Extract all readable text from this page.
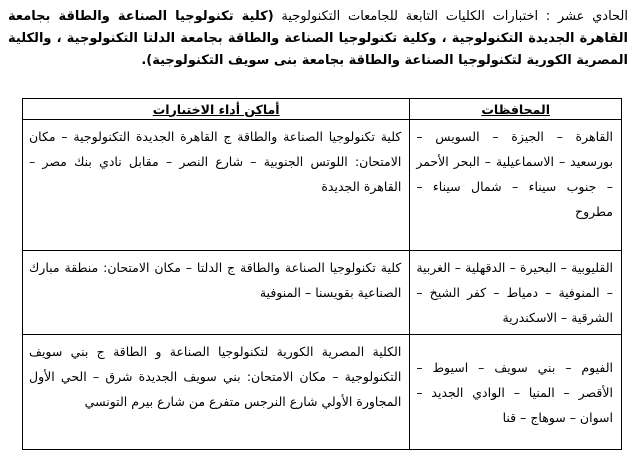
الحادي عشر : اختبارات الكليات التابعة للجامعات التكنولوجية (كلية تكنولوجيا الصناعة والطاقة بجامعة القاهرة الجديدة التكنولوجية ، وكلية تكنولوجيا الصناعة والطاقة بجامعة الدلتا التكنولوجية ، والكلية المصرية الكورية لتكنولوجيا الصناعة والطاقة بجامعة بنى سويف التكنولوجية).

المحافظات	أماكن أداء الاختبارات
القاهرة – الجيزة – السويس – بورسعيد – الاسماعيلية – البحر الأحمر – جنوب سيناء – شمال سيناء – مطروح	كلية تكنولوجيا الصناعة والطاقة ج القاهرة الجديدة التكنولوجية – مكان الامتحان: اللوتس الجنوبية – شارع النصر – مقابل نادي بنك مصر – القاهرة الجديدة
القليوبية – البحيرة – الدقهلية – الغربية – المنوفية – دمياط – كفر الشيخ – الشرقية – الاسكندرية	كلية تكنولوجيا الصناعة والطاقة ج الدلتا – مكان الامتحان: منطقة مبارك الصناعية بقويسنا – المنوفية
الفيوم – بني سويف – اسيوط – الأقصر – المنيا – الوادي الجديد – اسوان – سوهاج – قنا	الكلية المصرية الكورية لتكنولوجيا الصناعة و الطاقة ج بني سويف التكنولوجية – مكان الامتحان: بني سويف الجديدة شرق – الحي الأول المجاورة الأولي شارع النرجس متفرع من شارع بيرم التونسي
